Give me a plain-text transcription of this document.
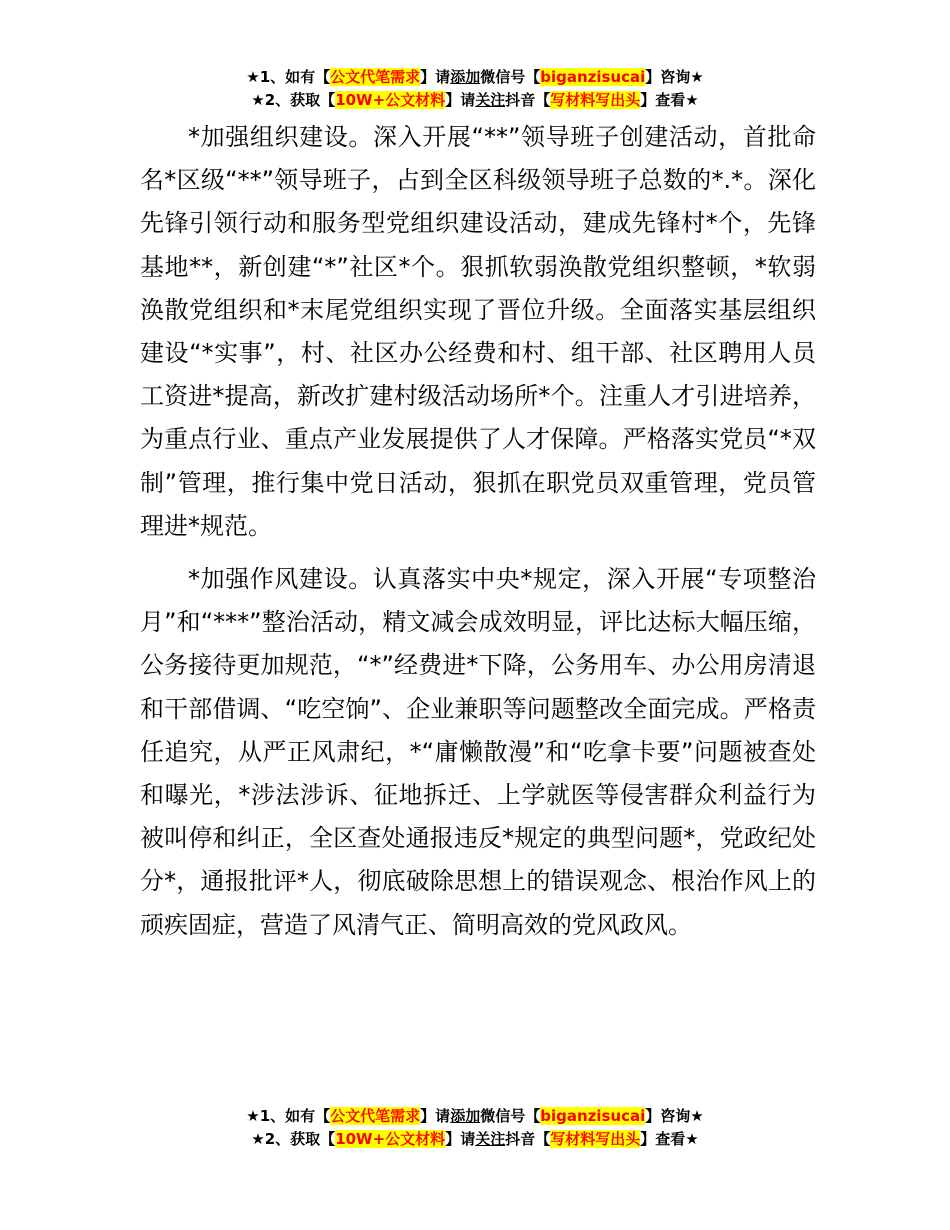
★1、如有【公文代笔需求】请添加微信号【biganzisucai】咨询★
★2、获取【10W+公文材料】请关注抖音【写材料写出头】查看★

*加强组织建设。深入开展“**”领导班子创建活动，首批命名*区级“**”领导班子，占到全区科级领导班子总数的*.*。深化先锋引领行动和服务型党组织建设活动，建成先锋村*个，先锋基地**，新创建“*”社区*个。狠抓软弱涣散党组织整顿，*软弱涣散党组织和*末尾党组织实现了晋位升级。全面落实基层组织建设“*实事”，村、社区办公经费和村、组干部、社区聘用人员工资进*提高，新改扩建村级活动场所*个。注重人才引进培养，为重点行业、重点产业发展提供了人才保障。严格落实党员“*双制”管理，推行集中党日活动，狠抓在职党员双重管理，党员管理进*规范。

*加强作风建设。认真落实中央*规定，深入开展“专项整治月”和“***”整治活动，精文减会成效明显，评比达标大幅压缩，公务接待更加规范，“*”经费进*下降，公务用车、办公用房清退和干部借调、“吃空饷”、企业兼职等问题整改全面完成。严格责任追究，从严正风肃纪，*“庸懒散漫”和“吃拿卡要”问题被查处和曝光，*涉法涉诉、征地拆迁、上学就医等侵害群众利益行为被叫停和纠正，全区查处通报违反*规定的典型问题*，党政纪处分*，通报批评*人，彻底破除思想上的错误观念、根治作风上的顽疾固症，营造了风清气正、简明高效的党风政风。

★1、如有【公文代笔需求】请添加微信号【biganzisucai】咨询★
★2、获取【10W+公文材料】请关注抖音【写材料写出头】查看★
